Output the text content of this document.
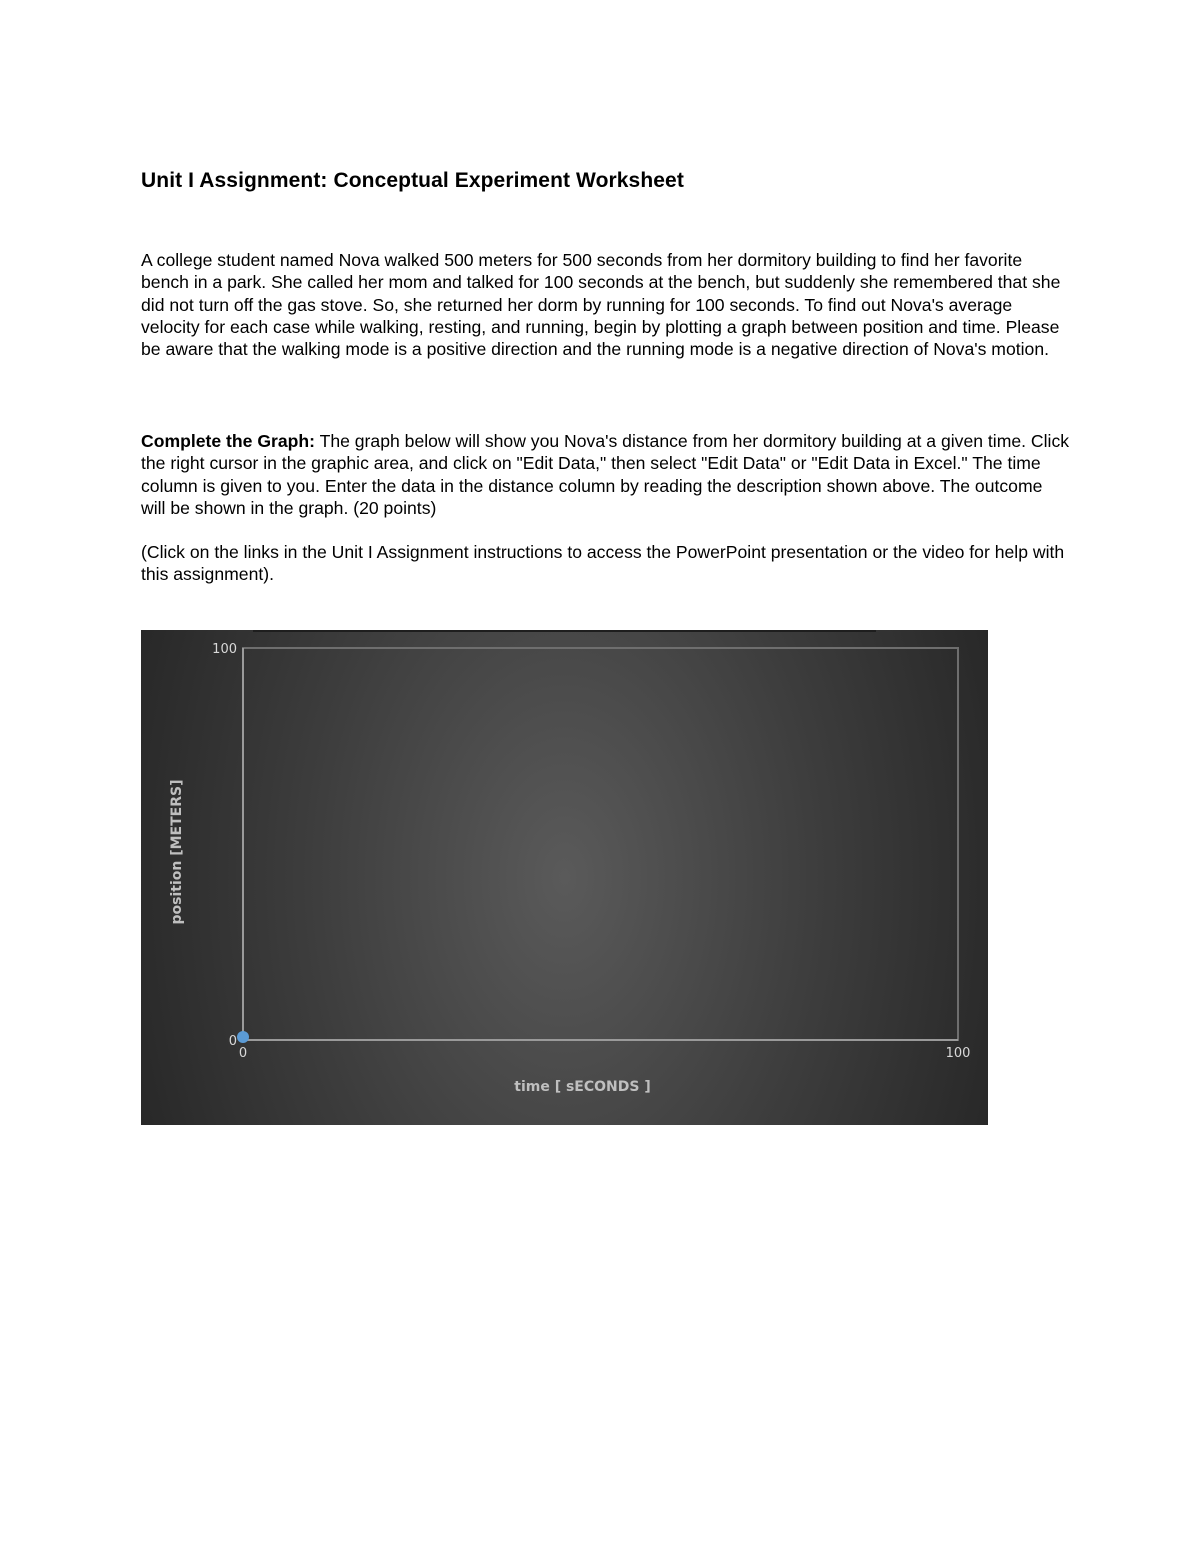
Unit I Assignment: Conceptual Experiment Worksheet

A college student named Nova walked 500 meters for 500 seconds from her dormitory building to find her favorite bench in a park. She called her mom and talked for 100 seconds at the bench, but suddenly she remembered that she did not turn off the gas stove. So, she returned her dorm by running for 100 seconds. To find out Nova's average velocity for each case while walking, resting, and running, begin by plotting a graph between position and time. Please be aware that the walking mode is a positive direction and the running mode is a negative direction of Nova's motion.

Complete the Graph: The graph below will show you Nova's distance from her dormitory building at a given time. Click the right cursor in the graphic area, and click on "Edit Data," then select "Edit Data" or "Edit Data in Excel." The time column is given to you. Enter the data in the distance column by reading the description shown above. The outcome will be shown in the graph. (20 points)

(Click on the links in the Unit I Assignment instructions to access the PowerPoint presentation or the video for help with this assignment).

0	100
0
100
time [ sECONDS ]
position [METERS]
